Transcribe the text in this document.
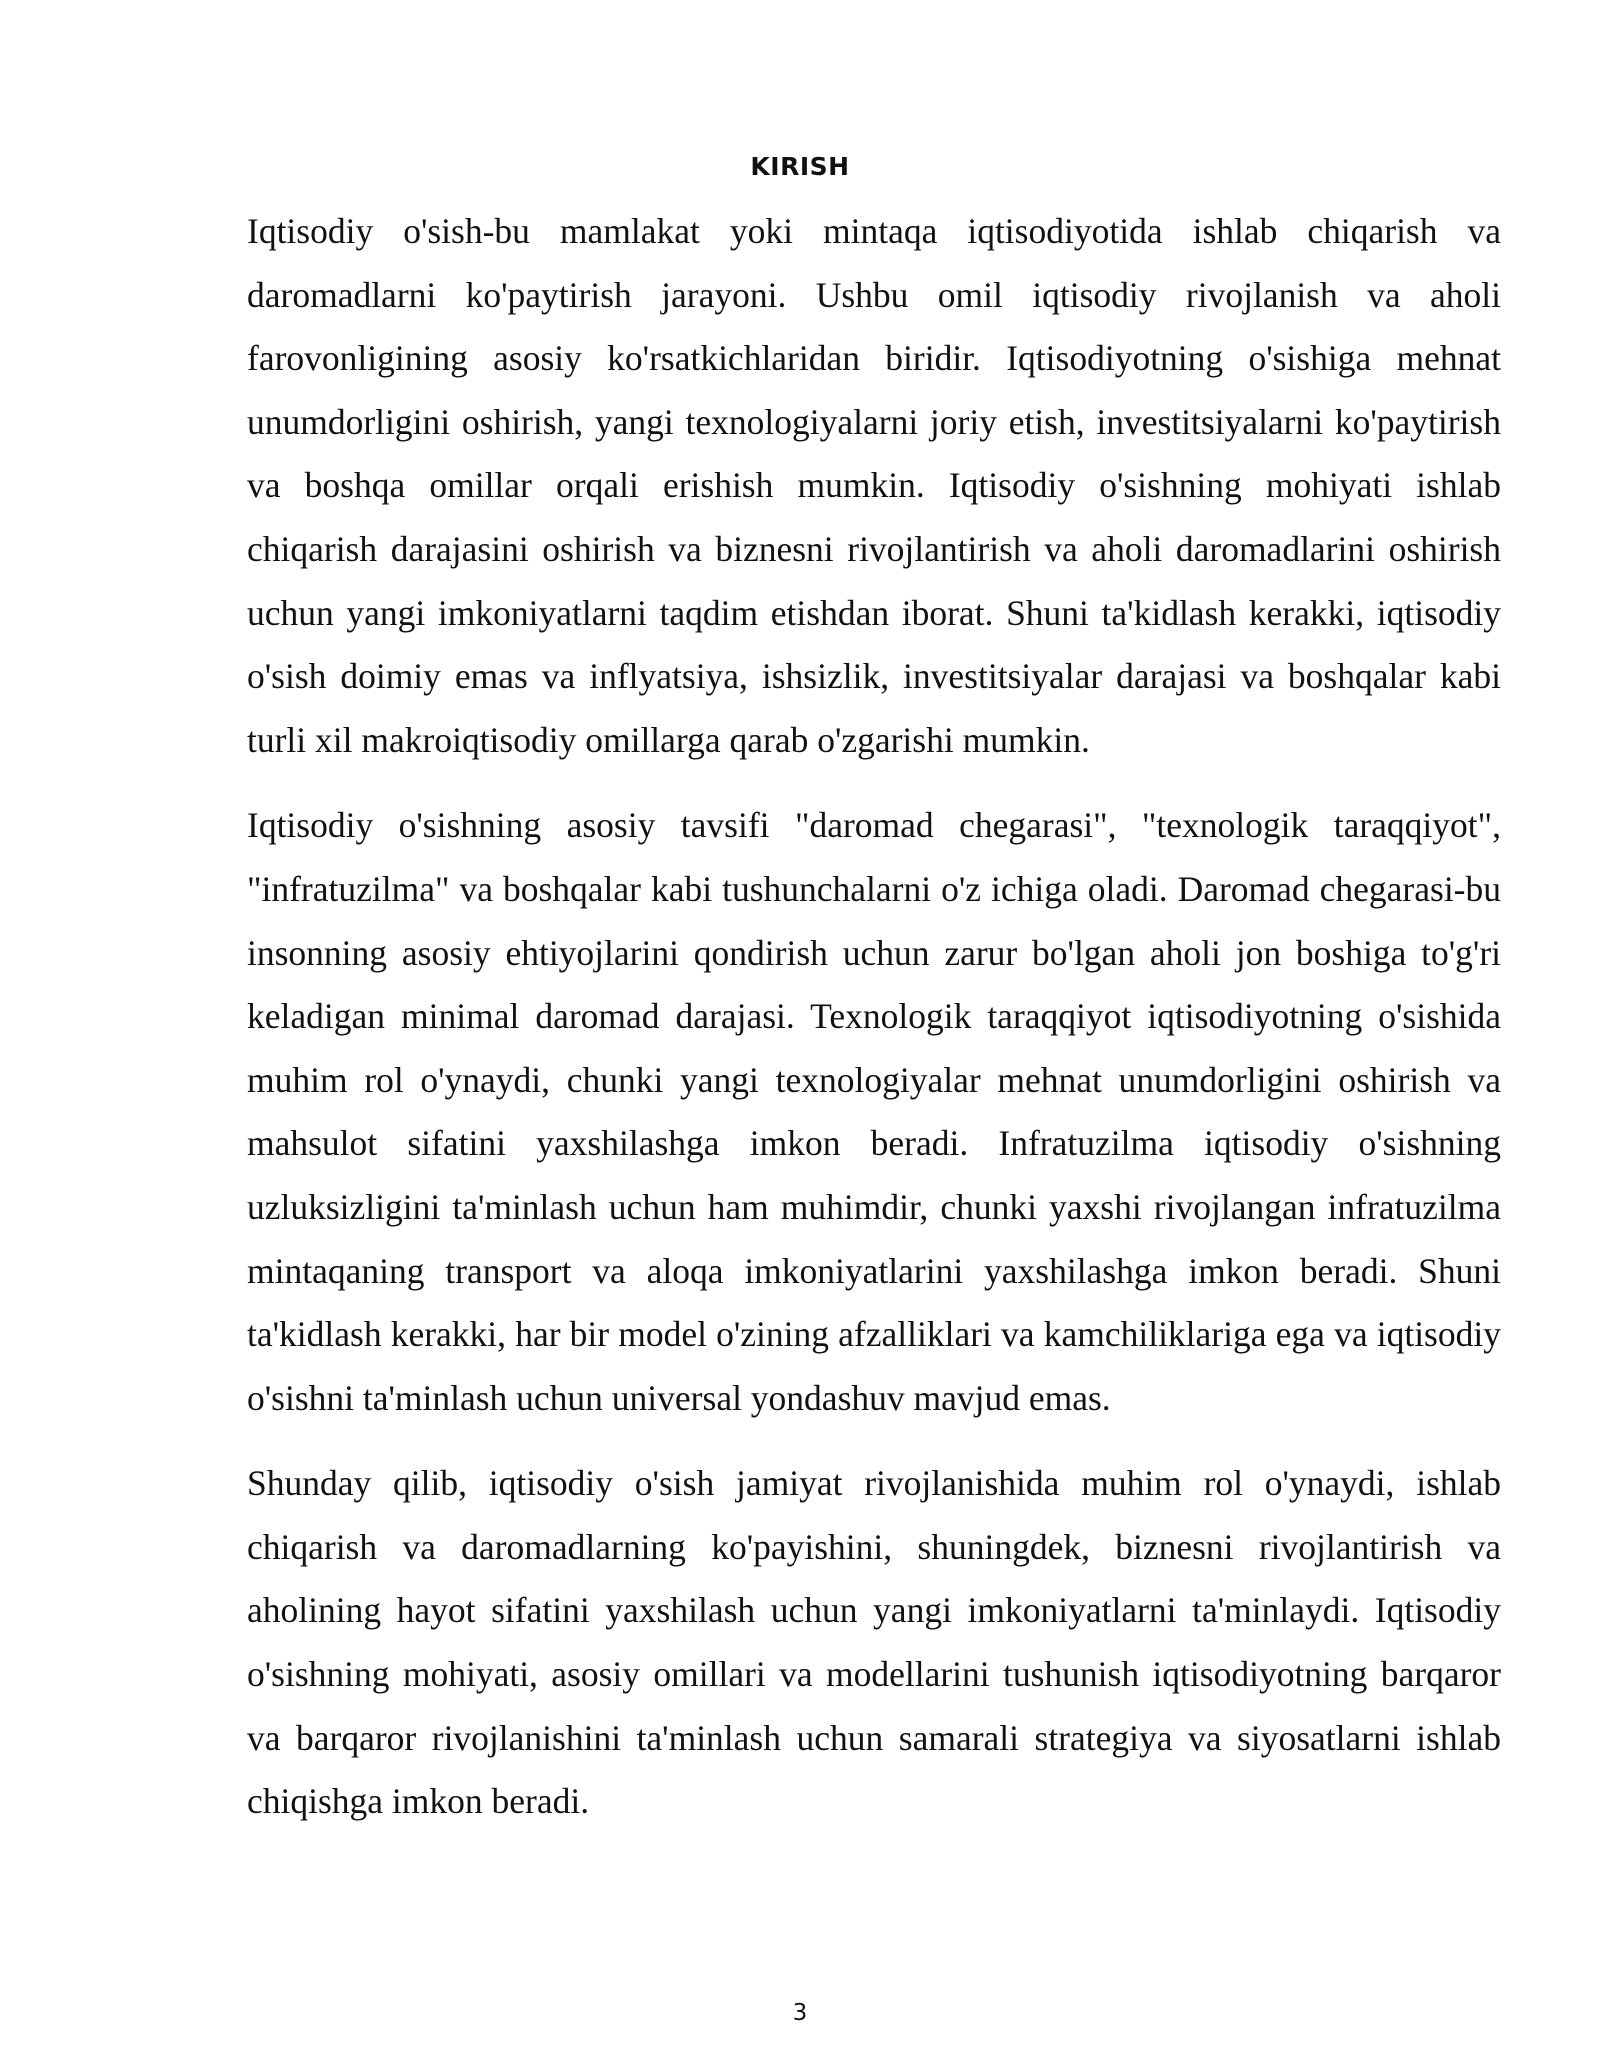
KIRISH

Iqtisodiy o'sish-bu mamlakat yoki mintaqa iqtisodiyotida ishlab chiqarish va daromadlarni ko'paytirish jarayoni. Ushbu omil iqtisodiy rivojlanish va aholi farovonligining asosiy ko'rsatkichlaridan biridir. Iqtisodiyotning o'sishiga mehnat unumdorligini oshirish, yangi texnologiyalarni joriy etish, investitsiyalarni ko'paytirish va boshqa omillar orqali erishish mumkin. Iqtisodiy o'sishning mohiyati ishlab chiqarish darajasini oshirish va biznesni rivojlantirish va aholi daromadlarini oshirish uchun yangi imkoniyatlarni taqdim etishdan iborat. Shuni ta'kidlash kerakki, iqtisodiy o'sish doimiy emas va inflyatsiya, ishsizlik, investitsiyalar darajasi va boshqalar kabi turli xil makroiqtisodiy omillarga qarab o'zgarishi mumkin.

Iqtisodiy o'sishning asosiy tavsifi "daromad chegarasi", "texnologik taraqqiyot", "infratuzilma" va boshqalar kabi tushunchalarni o'z ichiga oladi. Daromad chegarasi-bu insonning asosiy ehtiyojlarini qondirish uchun zarur bo'lgan aholi jon boshiga to'g'ri keladigan minimal daromad darajasi. Texnologik taraqqiyot iqtisodiyotning o'sishida muhim rol o'ynaydi, chunki yangi texnologiyalar mehnat unumdorligini oshirish va mahsulot sifatini yaxshilashga imkon beradi. Infratuzilma iqtisodiy o'sishning uzluksizligini ta'minlash uchun ham muhimdir, chunki yaxshi rivojlangan infratuzilma mintaqaning transport va aloqa imkoniyatlarini yaxshilashga imkon beradi. Shuni ta'kidlash kerakki, har bir model o'zining afzalliklari va kamchiliklariga ega va iqtisodiy o'sishni ta'minlash uchun universal yondashuv mavjud emas.

Shunday qilib, iqtisodiy o'sish jamiyat rivojlanishida muhim rol o'ynaydi, ishlab chiqarish va daromadlarning ko'payishini, shuningdek, biznesni rivojlantirish va aholining hayot sifatini yaxshilash uchun yangi imkoniyatlarni ta'minlaydi. Iqtisodiy o'sishning mohiyati, asosiy omillari va modellarini tushunish iqtisodiyotning barqaror va barqaror rivojlanishini ta'minlash uchun samarali strategiya va siyosatlarni ishlab chiqishga imkon beradi.

3
